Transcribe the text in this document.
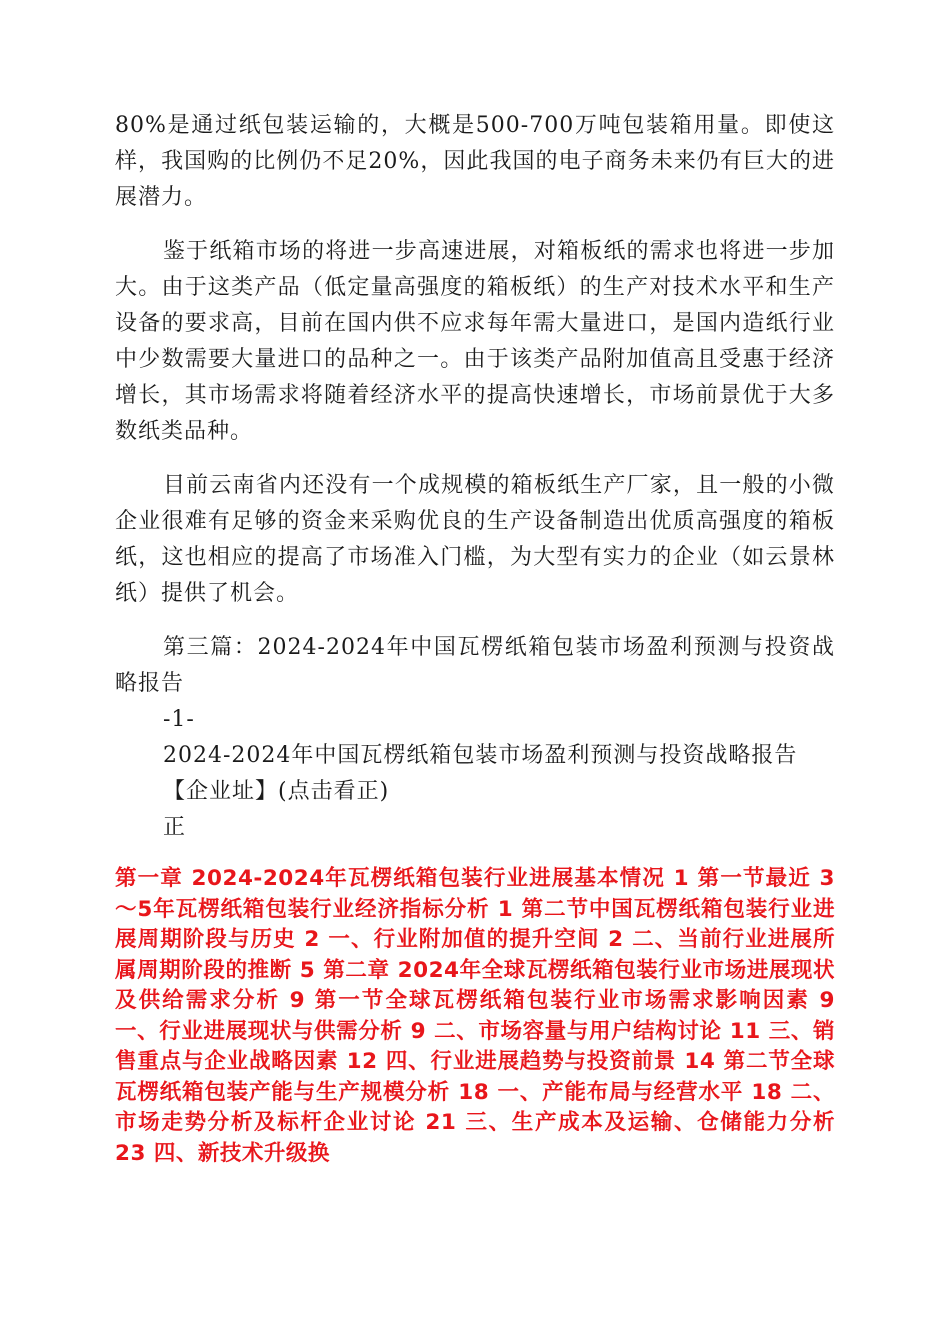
80%是通过纸包装运输的，大概是500-700万吨包装箱用量。即使这样，我国购的比例仍不足20%，因此我国的电子商务未来仍有巨大的进展潜力。

鉴于纸箱市场的将进一步高速进展，对箱板纸的需求也将进一步加大。由于这类产品（低定量高强度的箱板纸）的生产对技术水平和生产设备的要求高，目前在国内供不应求每年需大量进口，是国内造纸行业中少数需要大量进口的品种之一。由于该类产品附加值高且受惠于经济增长，其市场需求将随着经济水平的提高快速增长，市场前景优于大多数纸类品种。

目前云南省内还没有一个成规模的箱板纸生产厂家，且一般的小微企业很难有足够的资金来采购优良的生产设备制造出优质高强度的箱板纸，这也相应的提高了市场准入门槛，为大型有实力的企业（如云景林纸）提供了机会。

第三篇：2024-2024年中国瓦楞纸箱包装市场盈利预测与投资战略报告

-1-

2024-2024年中国瓦楞纸箱包装市场盈利预测与投资战略报告

【企业址】(点击看正)

正

第一章 2024-2024年瓦楞纸箱包装行业进展基本情况 1 第一节最近 3～5年瓦楞纸箱包装行业经济指标分析 1 第二节中国瓦楞纸箱包装行业进展周期阶段与历史 2 一、行业附加值的提升空间 2 二、当前行业进展所属周期阶段的推断 5 第二章 2024年全球瓦楞纸箱包装行业市场进展现状及供给需求分析 9 第一节全球瓦楞纸箱包装行业市场需求影响因素 9 一、行业进展现状与供需分析 9 二、市场容量与用户结构讨论 11 三、销售重点与企业战略因素 12 四、行业进展趋势与投资前景 14 第二节全球瓦楞纸箱包装产能与生产规模分析 18 一、产能布局与经营水平 18 二、市场走势分析及标杆企业讨论 21 三、生产成本及运输、仓储能力分析 23 四、新技术升级换
